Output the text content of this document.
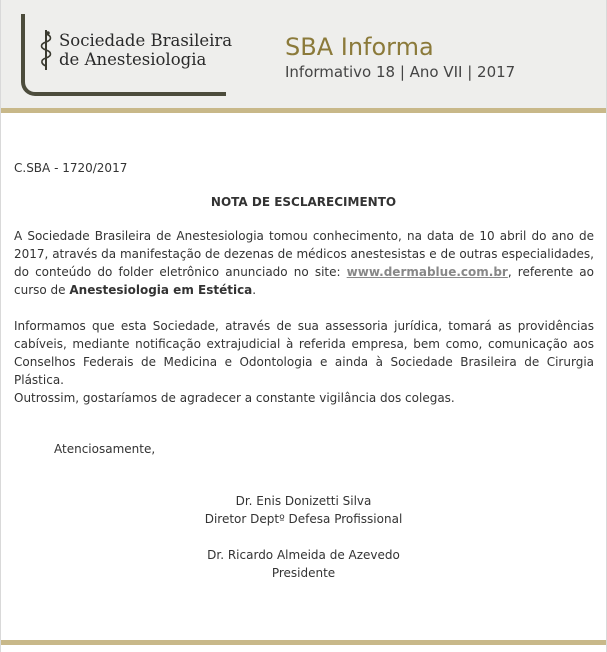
Sociedade Brasileira
de Anestesiologia	SBA Informa
Informativo 18 | Ano VII | 2017
C.SBA - 1720/2017
NOTA DE ESCLARECIMENTO
A Sociedade Brasileira de Anestesiologia tomou conhecimento, na data de 10 abril do ano de 2017, através da manifestação de dezenas de médicos anestesistas e de outras especialidades, do conteúdo do folder eletrônico anunciado no site: www.dermablue.com.br, referente ao curso de Anestesiologia em Estética.
Informamos que esta Sociedade, através de sua assessoria jurídica, tomará as providências cabíveis, mediante notificação extrajudicial à referida empresa, bem como, comunicação aos Conselhos Federais de Medicina e Odontologia e ainda à Sociedade Brasileira de Cirurgia Plástica.
Outrossim, gostaríamos de agradecer a constante vigilância dos colegas.
Atenciosamente,
Dr. Enis Donizetti Silva
Diretor Deptº Defesa Profissional
Dr. Ricardo Almeida de Azevedo
Presidente
